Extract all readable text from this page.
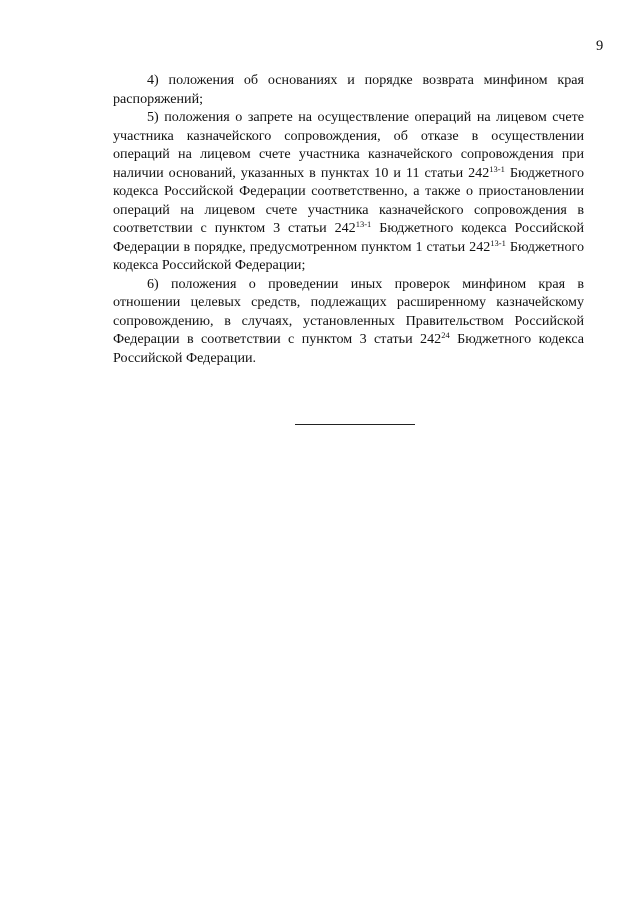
9

4) положения об основаниях и порядке возврата минфином края распоряжений;

5) положения о запрете на осуществление операций на лицевом счете участника казначейского сопровождения, об отказе в осуществлении операций на лицевом счете участника казначейского сопровождения при наличии оснований, указанных в пунктах 10 и 11 статьи 242$^{13-1}$ Бюджетного кодекса Российской Федерации соответственно, а также о приостановлении операций на лицевом счете участника казначейского сопровождения в соответствии с пунктом 3 статьи 242$^{13-1}$ Бюджетного кодекса Российской Федерации в порядке, предусмотренном пунктом 1 статьи 242$^{13-1}$ Бюджетного кодекса Российской Федерации;

6) положения о проведении иных проверок минфином края в отношении целевых средств, подлежащих расширенному казначейскому сопровождению, в случаях, установленных Правительством Российской Федерации в соответствии с пунктом 3 статьи $242^{24}$ Бюджетного кодекса Российской Федерации.
